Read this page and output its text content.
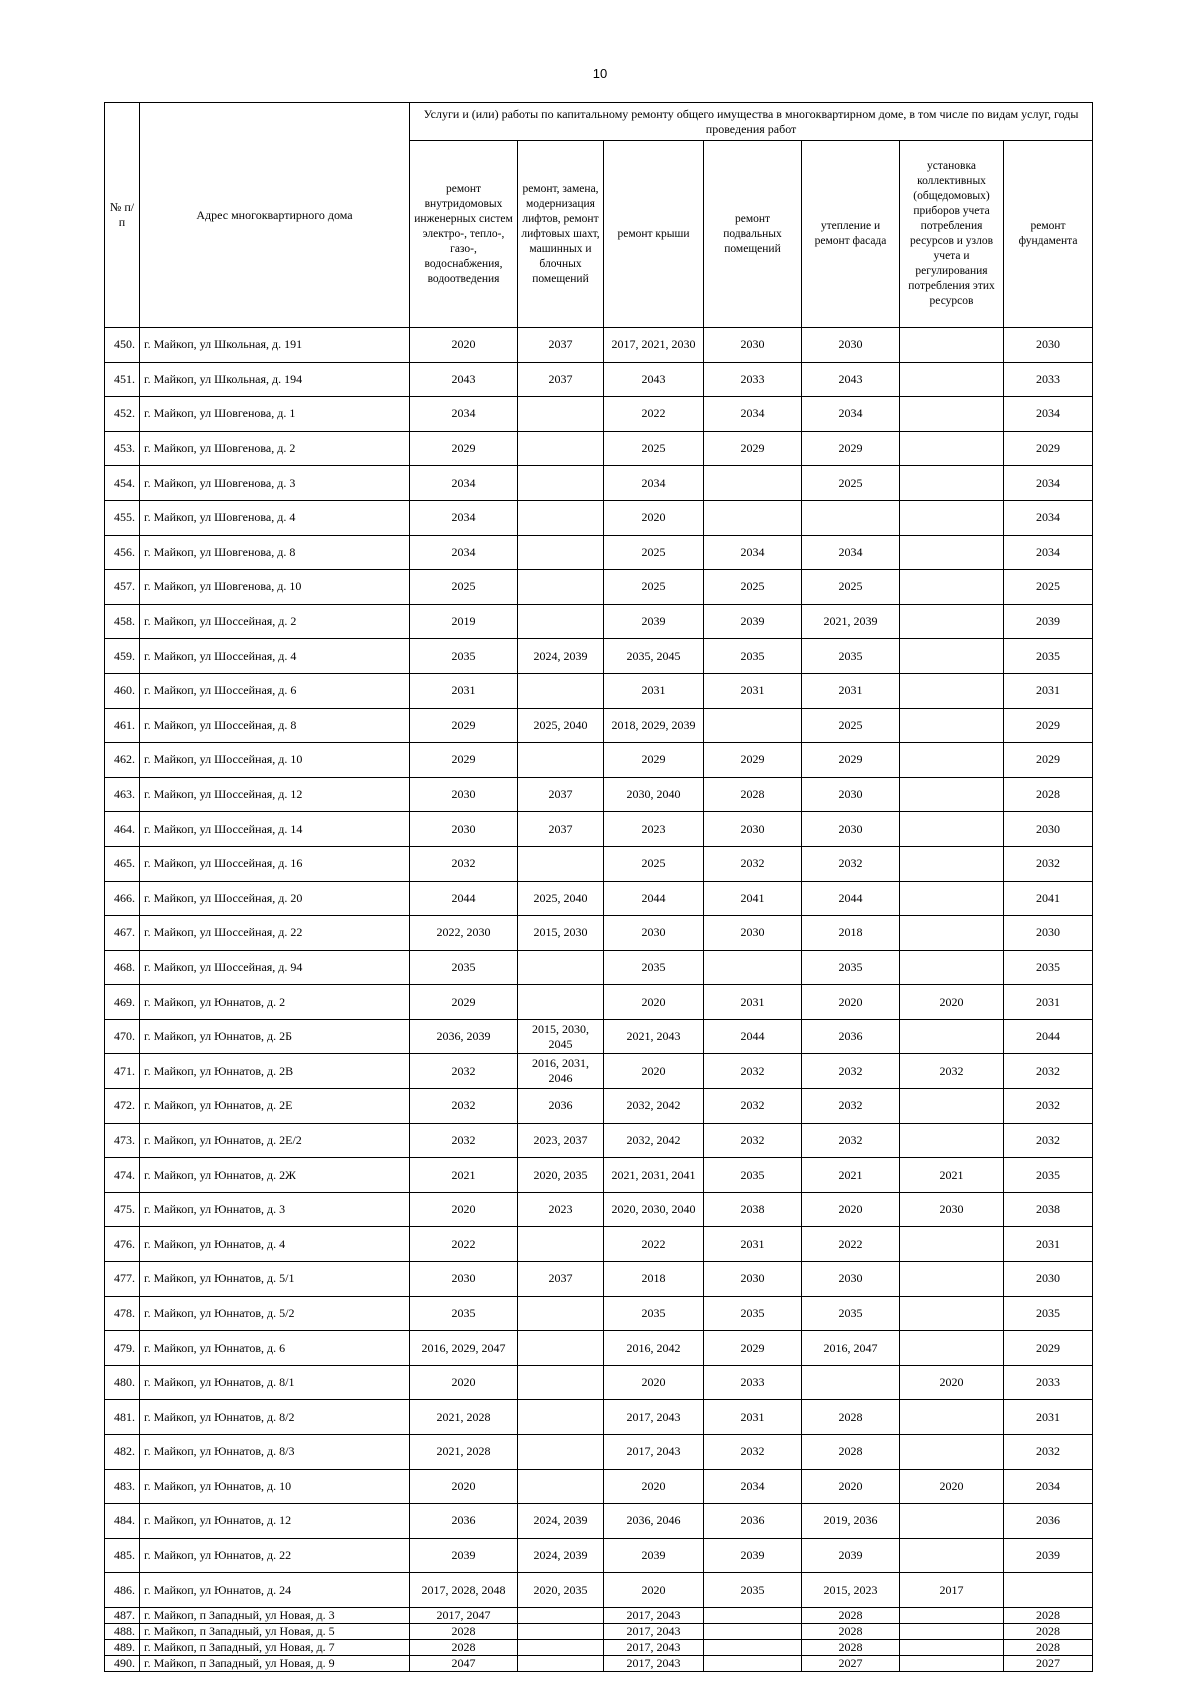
10
№ п/п	Адрес многоквартирного дома	Услуги и (или) работы по капитальному ремонту общего имущества в многоквартирном доме, в том числе по видам услуг, годы проведения работ						
		ремонт внутридомовых инженерных систем электро-, тепло-, газо-, водоснабжения, водоотведения	ремонт, замена, модернизация лифтов, ремонт лифтовых шахт, машинных и блочных помещений	ремонт крыши	ремонт подвальных помещений	утепление и ремонт фасада	установка коллективных (общедомовых) приборов учета потребления ресурсов и узлов учета и регулирования потребления этих ресурсов	ремонт фундамента
450.	г. Майкоп, ул Школьная, д. 191	2020	2037	2017, 2021, 2030	2030	2030		2030
451.	г. Майкоп, ул Школьная, д. 194	2043	2037	2043	2033	2043		2033
452.	г. Майкоп, ул Шовгенова, д. 1	2034		2022	2034	2034		2034
453.	г. Майкоп, ул Шовгенова, д. 2	2029		2025	2029	2029		2029
454.	г. Майкоп, ул Шовгенова, д. 3	2034		2034		2025		2034
455.	г. Майкоп, ул Шовгенова, д. 4	2034		2020				2034
456.	г. Майкоп, ул Шовгенова, д. 8	2034		2025	2034	2034		2034
457.	г. Майкоп, ул Шовгенова, д. 10	2025		2025	2025	2025		2025
458.	г. Майкоп, ул Шоссейная, д. 2	2019		2039	2039	2021, 2039		2039
459.	г. Майкоп, ул Шоссейная, д. 4	2035	2024, 2039	2035, 2045	2035	2035		2035
460.	г. Майкоп, ул Шоссейная, д. 6	2031		2031	2031	2031		2031
461.	г. Майкоп, ул Шоссейная, д. 8	2029	2025, 2040	2018, 2029, 2039		2025		2029
462.	г. Майкоп, ул Шоссейная, д. 10	2029		2029	2029	2029		2029
463.	г. Майкоп, ул Шоссейная, д. 12	2030	2037	2030, 2040	2028	2030		2028
464.	г. Майкоп, ул Шоссейная, д. 14	2030	2037	2023	2030	2030		2030
465.	г. Майкоп, ул Шоссейная, д. 16	2032		2025	2032	2032		2032
466.	г. Майкоп, ул Шоссейная, д. 20	2044	2025, 2040	2044	2041	2044		2041
467.	г. Майкоп, ул Шоссейная, д. 22	2022, 2030	2015, 2030	2030	2030	2018		2030
468.	г. Майкоп, ул Шоссейная, д. 94	2035		2035		2035		2035
469.	г. Майкоп, ул Юннатов, д. 2	2029		2020	2031	2020	2020	2031
470.	г. Майкоп, ул Юннатов, д. 2Б	2036, 2039	2015, 2030, 2045	2021, 2043	2044	2036		2044
471.	г. Майкоп, ул Юннатов, д. 2В	2032	2016, 2031, 2046	2020	2032	2032	2032	2032
472.	г. Майкоп, ул Юннатов, д. 2Е	2032	2036	2032, 2042	2032	2032		2032
473.	г. Майкоп, ул Юннатов, д. 2Е/2	2032	2023, 2037	2032, 2042	2032	2032		2032
474.	г. Майкоп, ул Юннатов, д. 2Ж	2021	2020, 2035	2021, 2031, 2041	2035	2021	2021	2035
475.	г. Майкоп, ул Юннатов, д. 3	2020	2023	2020, 2030, 2040	2038	2020	2030	2038
476.	г. Майкоп, ул Юннатов, д. 4	2022		2022	2031	2022		2031
477.	г. Майкоп, ул Юннатов, д. 5/1	2030	2037	2018	2030	2030		2030
478.	г. Майкоп, ул Юннатов, д. 5/2	2035		2035	2035	2035		2035
479.	г. Майкоп, ул Юннатов, д. 6	2016, 2029, 2047		2016, 2042	2029	2016, 2047		2029
480.	г. Майкоп, ул Юннатов, д. 8/1	2020		2020	2033		2020	2033
481.	г. Майкоп, ул Юннатов, д. 8/2	2021, 2028		2017, 2043	2031	2028		2031
482.	г. Майкоп, ул Юннатов, д. 8/3	2021, 2028		2017, 2043	2032	2028		2032
483.	г. Майкоп, ул Юннатов, д. 10	2020		2020	2034	2020	2020	2034
484.	г. Майкоп, ул Юннатов, д. 12	2036	2024, 2039	2036, 2046	2036	2019, 2036		2036
485.	г. Майкоп, ул Юннатов, д. 22	2039	2024, 2039	2039	2039	2039		2039
486.	г. Майкоп, ул Юннатов, д. 24	2017, 2028, 2048	2020, 2035	2020	2035	2015, 2023	2017	
487.	г. Майкоп, п Западный, ул Новая, д. 3	2017, 2047		2017, 2043		2028		2028
488.	г. Майкоп, п Западный, ул Новая, д. 5	2028		2017, 2043		2028		2028
489.	г. Майкоп, п Западный, ул Новая, д. 7	2028		2017, 2043		2028		2028
490.	г. Майкоп, п Западный, ул Новая, д. 9	2047		2017, 2043		2027		2027
